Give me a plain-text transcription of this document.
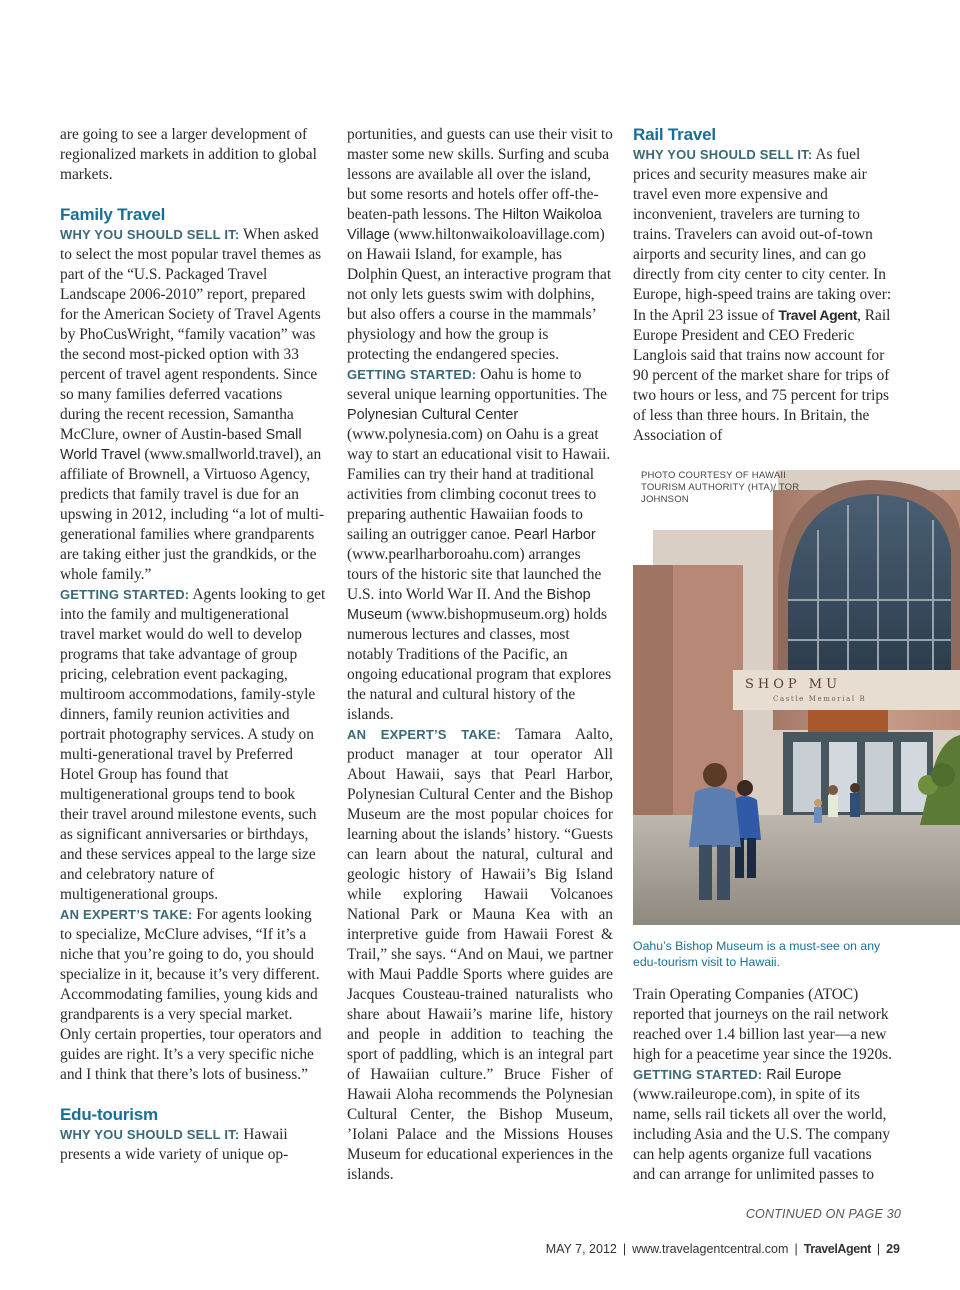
are going to see a larger development of regionalized markets in addition to global markets.

Family Travel

WHY YOU SHOULD SELL IT: When asked to select the most popular travel themes as part of the “U.S. Packaged Travel Landscape 2006-2010” report, prepared for the American Society of Travel Agents by PhoCusWright, “family vacation” was the second most-picked option with 33 percent of travel agent respondents. Since so many families deferred vacations during the recent recession, Samantha McClure, owner of Austin-based Small World Travel (www.smallworld.travel), an affiliate of Brownell, a Virtuoso Agency, predicts that family travel is due for an upswing in 2012, including “a lot of multi-generational families where grandparents are taking either just the grandkids, or the whole family.”

GETTING STARTED: Agents looking to get into the family and multigenerational travel market would do well to develop programs that take advantage of group pricing, celebration event packaging, multiroom accommodations, family-style dinners, family reunion activities and portrait photography services. A study on multi-generational travel by Preferred Hotel Group has found that multigenerational groups tend to book their travel around milestone events, such as significant anniversaries or birthdays, and these services appeal to the large size and celebratory nature of multigenerational groups.

AN EXPERT’S TAKE: For agents looking to specialize, McClure advises, “If it’s a niche that you’re going to do, you should specialize in it, because it’s very different. Accommodating families, young kids and grandparents is a very special market. Only certain properties, tour operators and guides are right. It’s a very specific niche and I think that there’s lots of business.”

Edu-tourism

WHY YOU SHOULD SELL IT: Hawaii presents a wide variety of unique op-

portunities, and guests can use their visit to master some new skills. Surfing and scuba lessons are available all over the island, but some resorts and hotels offer off-the-beaten-path lessons. The Hilton Waikoloa Village (www.hiltonwaikoloavillage.com) on Hawaii Island, for example, has Dolphin Quest, an interactive program that not only lets guests swim with dolphins, but also offers a course in the mammals’ physiology and how the group is protecting the endangered species.

GETTING STARTED: Oahu is home to several unique learning opportunities. The Polynesian Cultural Center (www.polynesia.com) on Oahu is a great way to start an educational visit to Hawaii. Families can try their hand at traditional activities from climbing coconut trees to preparing authentic Hawaiian foods to sailing an outrigger canoe. Pearl Harbor (www.pearlharboroahu.com) arranges tours of the historic site that launched the U.S. into World War II. And the Bishop Museum (www.bishopmuseum.org) holds numerous lectures and classes, most notably Traditions of the Pacific, an ongoing educational program that explores the natural and cultural history of the islands.

AN EXPERT’S TAKE: Tamara Aalto, product manager at tour operator All About Hawaii, says that Pearl Harbor, Polynesian Cultural Center and the Bishop Museum are the most popular choices for learning about the islands’ history. “Guests can learn about the natural, cultural and geologic history of Hawaii’s Big Island while exploring Hawaii Volcanoes National Park or Mauna Kea with an interpretive guide from Hawaii Forest & Trail,” she says. “And on Maui, we partner with Maui Paddle Sports where guides are Jacques Cousteau-trained naturalists who share about Hawaii’s marine life, history and people in addition to teaching the sport of paddling, which is an integral part of Hawaiian culture.” Bruce Fisher of Hawaii Aloha recommends the Polynesian Cultural Center, the Bishop Museum, ’Iolani Palace and the Missions Houses Museum for educational experiences in the islands.

Rail Travel

WHY YOU SHOULD SELL IT: As fuel prices and security measures make air travel even more expensive and inconvenient, travelers are turning to trains. Travelers can avoid out-of-town airports and security lines, and can go directly from city center to city center. In Europe, high-speed trains are taking over: In the April 23 issue of Travel Agent, Rail Europe President and CEO Frederic Langlois said that trains now account for 90 percent of the market share for trips of two hours or less, and 75 percent for trips of less than three hours. In Britain, the Association of

SHOP MU
Castle Memorial B
PHOTO COURTESY OF HAWAII TOURISM AUTHORITY (HTA)/ TOR JOHNSON
Oahu’s Bishop Museum is a must-see on any edu-tourism visit to Hawaii.

Train Operating Companies (ATOC) reported that journeys on the rail network reached over 1.4 billion last year—a new high for a peacetime year since the 1920s.

GETTING STARTED: Rail Europe (www.raileurope.com), in spite of its name, sells rail tickets all over the world, including Asia and the U.S. The company can help agents organize full vacations and can arrange for unlimited passes to

CONTINUED ON PAGE 30
MAY 7, 2012 | www.travelagentcentral.com | TravelAgent | 29
